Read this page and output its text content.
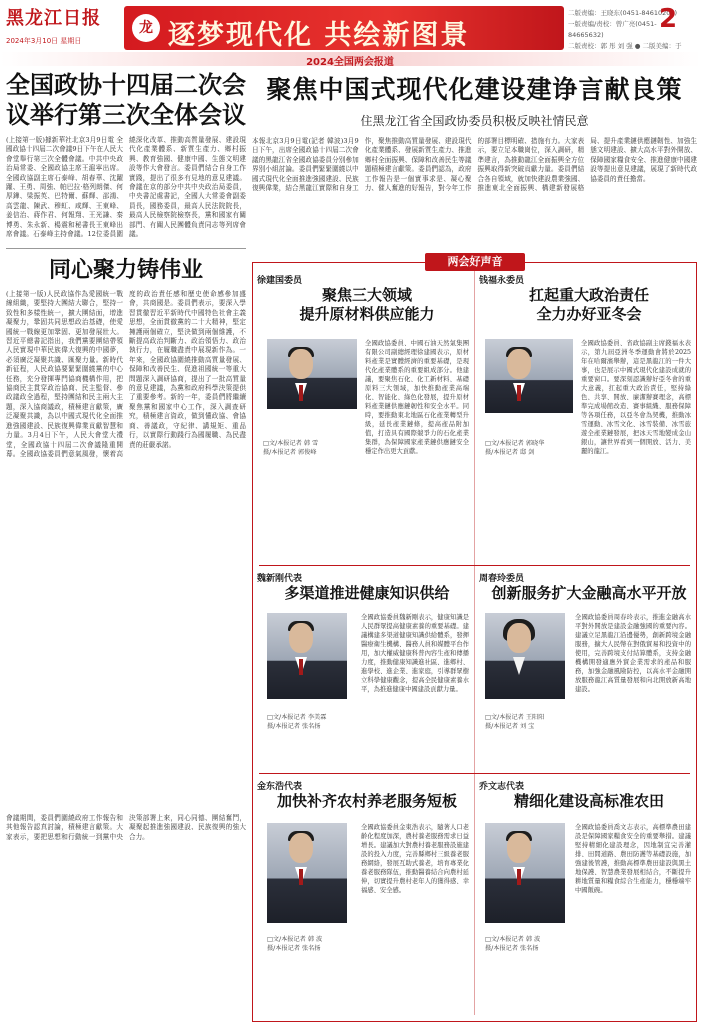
黑龙江日报
2024年3月10日 星期日
龙 逐梦现代化 共绘新图景
二版责编：王晓东(0451-84610208)
一版责编/责校：曾广亮(0451-84665632)
二版责校：郭 彤 刘 强 ● 二版美编：于
2
2024全国两会报道
全国政协十四届二次会议举行第三次全体会议
(上接第一版)據新華社北京3月9日電 全國政協十四屆二次會議9日下午在人民大會堂舉行第三次全體會議。中共中央政治局常委、全國政協主席王滬寧出席。全國政協副主席石泰峰、胡春華、沈躍躍、王勇、周強、帕巴拉·格列朗傑、何厚鏵、梁振英、巴特爾、蘇輝、邵鴻、高雲龍、陳武、穆虹、咸輝、王東峰、姜信治、蔣作君、何報翔、王光謙、秦博勇、朱永新、楊震和秘書長王東峰出席會議。石泰峰主持會議。12位委員圍繞深化改革、推動高質量發展、建設現代化產業體系、新質生產力、鄉村振興、教育強國、健康中國、生態文明建設等作大會發言。委員們結合自身工作實踐，提出了很多有見地的意見建議。會議在京的部分中共中央政治局委員，中央書記處書記，全國人大常委會副委員長，國務委員，最高人民法院院長，最高人民檢察院檢察長，黨和國家有關部門、有關人民團體負責同志等列席會議。
同心聚力铸伟业
(上接第一版)人民政協作為愛國統一戰線組織，要堅持大團結大聯合，堅持一致性和多樣性統一，擴大團結面，增進凝聚力，鞏固共同思想政治基礎，使愛國統一戰線更加鞏固、更加發展壯大。習近平總書記指出，我們黨要團結帶領人民實現中華民族偉大復興的中國夢，必須廣泛凝聚共識、匯聚力量。新時代新征程，人民政協要緊緊圍繞黨的中心任務，充分發揮專門協商機構作用，把協商民主貫穿政治協商、民主監督、參政議政全過程，堅持團結和民主兩大主題，深入協商議政，積極建言獻策，廣泛凝聚共識，為以中國式現代化全面推進強國建設、民族復興偉業貢獻智慧和力量。3月4日下午，人民大會堂大禮堂，全國政協十四屆二次會議隆重開幕。全國政協委員們意氣風發，懷着高度的政治責任感和歷史使命感參加盛會，共商國是。委員們表示，要深入學習貫徹習近平新時代中國特色社會主義思想，全面貫徹黨的二十大精神，堅定擁護兩個確立，堅決做到兩個維護，不斷提高政治判斷力、政治領悟力、政治執行力，在履職盡責中展現新作為。一年來，全國政協圍繞推動高質量發展、保障和改善民生、促進祖國統一等重大問題深入調研協商，提出了一批高質量的意見建議，為黨和政府科學決策提供了重要參考。新的一年，委員們將繼續聚焦黨和國家中心工作，深入調查研究，積極建言資政，做到懂政協、會協商、善議政，守紀律、講規矩、重品行，以實際行動踐行為國履職、為民盡責的莊嚴承諾。
會議期間，委員們圍繞政府工作報告和其他報告認真討論，積極建言獻策。大家表示，要把思想和行動統一到黨中央決策部署上來，同心同德、團結奮鬥，凝聚起推進強國建設、民族復興的強大合力。
聚焦中国式现代化建设建诤言献良策
住黑龙江省全国政协委员积极反映社情民意
本報北京3月9日電(記者 韓波)3月9日下午，出席全國政協十四屆二次會議的黑龍江省全國政協委員分別參加界別小組討論。委員們緊緊圍繞以中國式現代化全面推進強國建設、民族復興偉業，結合黑龍江實際和自身工作，聚焦推動高質量發展、建設現代化產業體系、發展新質生產力、推進鄉村全面振興、保障和改善民生等議題積極建言獻策。委員們認為，政府工作報告是一個實事求是、凝心聚力、催人奮進的好報告，對今年工作的部署目標明確、措施有力。大家表示，要立足本職崗位，深入調研，精準建言，為推動龍江全面振興全方位振興取得新突破貢獻力量。委員們結合各自領域，就加快建設農業強國、推進東北全面振興、構建新發展格局、提升產業鏈供應鏈韌性、加強生態文明建設、擴大高水平對外開放、保障國家糧食安全、推進健康中國建設等提出意見建議，展現了新時代政協委員的責任擔當。
两会好声音
徐建国委员
聚焦三大领域
提升原材料供应能力
□文/本报记者 韩 雪
摄/本报记者 郭俊峰
全國政協委員、中國石油天然氣集團有限公司副總經理徐建國表示，原材料產業是實體經濟的重要基礎，是現代化產業體系的重要組成部分。他建議，要聚焦石化、化工新材料、基礎原料三大領域，加快推動產業高端化、智能化、綠色化發展，提升原材料產業鏈供應鏈韌性和安全水平。同時，要推動東北地區石化產業轉型升級，延長產業鏈條，提高產品附加值，打造具有國際競爭力的石化產業集群，為保障國家產業鏈供應鏈安全穩定作出更大貢獻。
钱福永委员
扛起重大政治责任
全力办好亚冬会
□文/本报记者 郭晓华
摄/本报记者 邸 剑
全國政協委員、省政協副主席錢福永表示，第九屆亞洲冬季運動會將於2025年在哈爾濱舉辦，這是黑龍江的一件大事，也是展示中國式現代化建設成就的重要窗口。要深刻認識辦好亞冬會的重大意義，扛起重大政治責任，堅持綠色、共享、開放、廉潔辦賽理念，高標準完成場館改造、賽事組織、服務保障等各項任務，以亞冬會為契機，推動冰雪運動、冰雪文化、冰雪裝備、冰雪旅遊全產業鏈發展，把冰天雪地變成金山銀山，讓世界看到一個開放、活力、美麗的龍江。
魏新刚代表
多渠道推进健康知识供给
□文/本报记者 李美霖
摄/本报记者 张名扬
全國政協委員魏新剛表示，健康知識是人民群眾提高健康素養的重要基礎。建議構建多渠道健康知識供給體系，發揮醫療衛生機構、醫務人員和媒體平台作用，加大權威健康科普內容生產和傳播力度，推動健康知識進社區、進鄉村、進學校、進企業、進家庭，引導群眾樹立科學健康觀念，提高全民健康素養水平，為推進健康中國建設貢獻力量。
周春玲委员
创新服务扩大金融高水平开放
□文/本报记者 王阳阳
摄/本报记者 刘 宝
全國政協委員周春玲表示，推進金融高水平對外開放是建設金融強國的重要內容。建議立足黑龍江沿邊優勢，創新跨境金融服務，擴大人民幣在對俄貿易和投資中的使用，完善跨境支付結算體系，支持金融機構開發適應外貿企業需求的產品和服務，加強金融風險防控，以高水平金融開放服務龍江高質量發展和向北開放新高地建設。
金东浩代表
加快补齐农村养老服务短板
□文/本报记者 韩 波
摄/本报记者 张名扬
全國政協委員金東浩表示，隨著人口老齡化程度加深，農村養老服務需求日益增長。建議加大對農村養老服務設施建設的投入力度，完善縣鄉村三級養老服務網絡，發展互助式養老，培育專業化養老服務隊伍，推動醫養結合向農村延伸，切實提升農村老年人的獲得感、幸福感、安全感。
乔文志代表
精细化建设高标准农田
□文/本报记者 韩 波
摄/本报记者 张名扬
全國政協委員喬文志表示，高標準農田建設是保障國家糧食安全的重要舉措。建議堅持精細化建設理念，因地制宜完善灌排、田間道路、農田防護等基礎設施，加強建後管護，推動高標準農田建設與黑土地保護、智慧農業發展相結合，不斷提升耕地質量和糧食綜合生產能力，穩穩端牢中國飯碗。
